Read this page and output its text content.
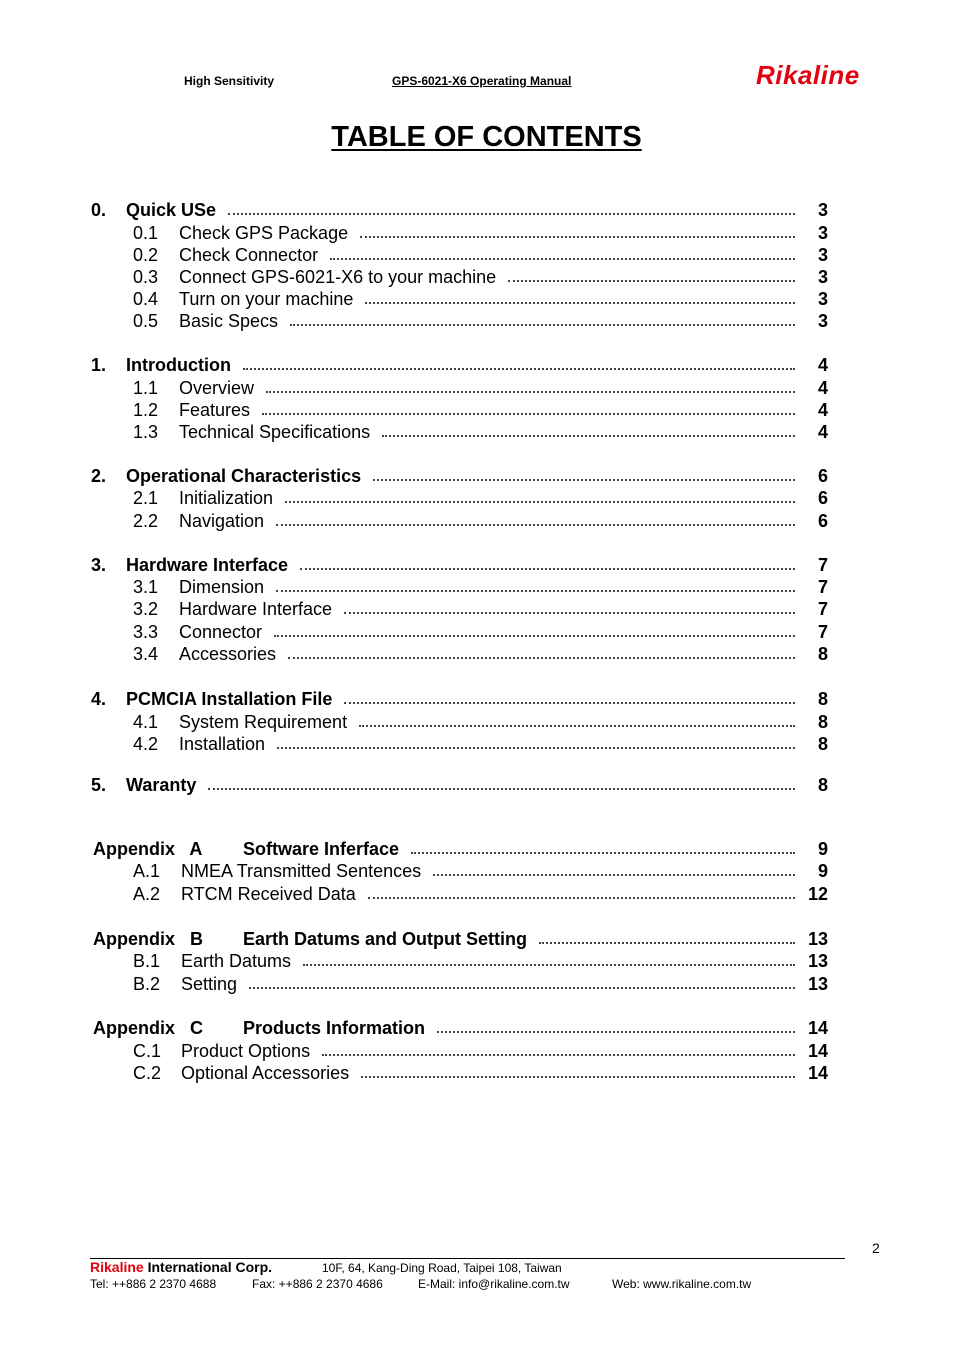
High Sensitivity	GPS-6021-X6 Operating Manual	Rikaline
TABLE OF CONTENTS
0. Quick USe	3
0.1 Check GPS Package	3
0.2 Check Connector	3
0.3 Connect GPS-6021-X6 to your machine	3
0.4 Turn on your machine	3
0.5 Basic Specs	3
1. Introduction	4
1.1 Overview	4
1.2 Features	4
1.3 Technical Specifications	4
2. Operational Characteristics	6
2.1 Initialization	6
2.2 Navigation	6
3. Hardware Interface	7
3.1 Dimension	7
3.2 Hardware Interface	7
3.3 Connector	7
3.4 Accessories	8
4. PCMCIA Installation File	8
4.1 System Requirement	8
4.2 Installation	8
5. Waranty	8
Appendix   A Software Inferface	9
A.1 NMEA Transmitted Sentences	9
A.2 RTCM Received Data	12
Appendix   B Earth Datums and Output Setting	13
B.1 Earth Datums	13
B.2 Setting	13
Appendix   C Products Information	14
C.1 Product Options	14
C.2 Optional Accessories	14
2
Rikaline International Corp.	10F, 64, Kang-Ding Road, Taipei 108, Taiwan
Tel: ++886 2 2370 4688	Fax: ++886 2 2370 4686	E-Mail: info@rikaline.com.tw	Web: www.rikaline.com.tw
